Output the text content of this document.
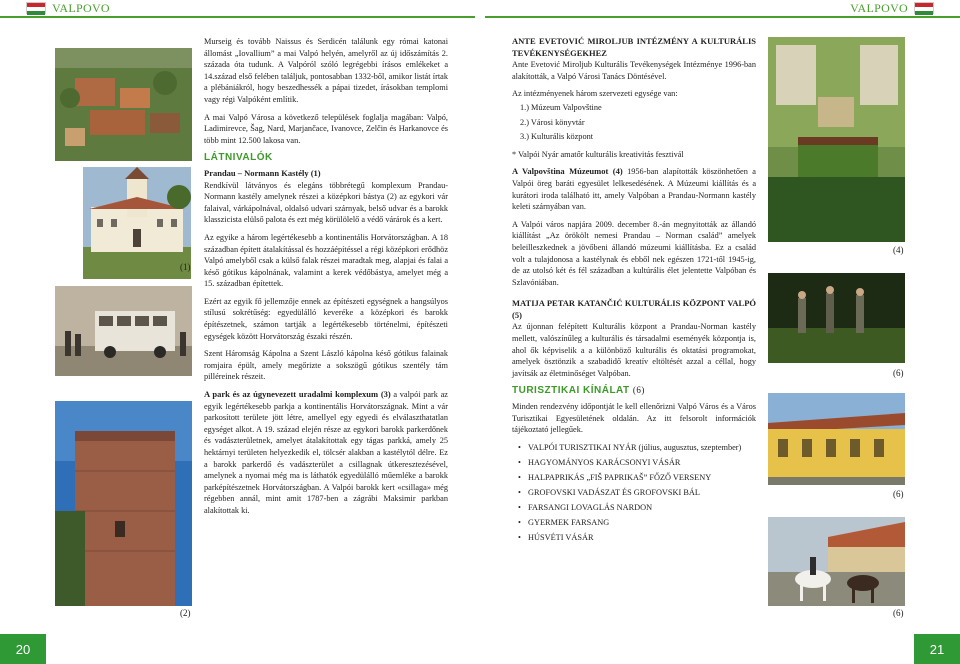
VALPOVO	VALPOVO
(1)
(2)

Murseig és tovább Naissus és Serdicén találunk egy római katonai állomást „Iovallium” a mai Valpó helyén, amelyről az új időszámítás 2. százada óta tudunk. A Valpóról szóló legrégebbi írásos emlékeket a 14.század első felében találjuk, pontosabban 1332-ből, amikor listát írtak a plébániákról, hogy beszedhessék a pápai tizedet, írásokban templomi vagy régi Valpóként említik.

A mai Valpó Városa a következő települések foglalja magában: Valpó, Ladimirevce, Šag, Nard, Marjančace, Ivanovce, Zelčin és Harkanovce és több mint 12.500 lakosa van.

LÁTNIVALÓK

Prandau – Normann Kastély (1)
Rendkívül látványos és elegáns többrétegű komplexum Prandau-Normann kastély amelynek részei a középkori bástya (2) az egykori vár falaival, várkápolnával, oldalsó udvari szárnyak, belső udvar és a barokk klasszicista elülső palota és ezt még körülölelő a védő várárok és a kert.

Az egyike a három legértékesebb a kontinentális Horvátországban. A 18 században épített átalakítással és hozzáépítéssel a régi középkori erődhöz Valpó amelyből csak a külső falak részei maradtak meg, alapjai és falai a késő gótikus kápolnának, valamint a kerek védőbástya, amelyet még a 15. században építettek.

Ezért az egyik fő jellemzője ennek az építészeti egységnek a hangsúlyos stílusú sokrétűség: egyedülálló keveréke a középkori és barokk építészetnek, számon tartják a legértékesebb történelmi, építészeti egységek között Horvátország északi részén.

Szent Háromság Kápolna a Szent László kápolna késő gótikus falainak romjaira épült, amely megőrizte a sokszögű gótikus szentély tám pilléreinek részeit.

A park és az úgynevezett uradalmi komplexum (3) a valpói park az egyik legértékesebb parkja a kontinentális Horvátországnak. Mint a vár parkosított területe jött létre, amellyel egy egyedi és elválaszthatatlan egységet alkot. A 19. század elején része az egykori barokk parkerdőnek és vadászterületnek, amelyet átalakítottak egy tágas parkká, amely 25 hektárnyi területen helyezkedik el, tölcsér alakban a kastélytól délre. Ez a barokk parkerdő és vadászterület a csillagnak útkeresztezésével, amelynek a nyomai még ma is láthatók egyedülálló műemléke a barokk parképítészetnek Horvátországban. A Valpói barokk kert «csillaga» még régebben annál, mint amit 1787-ben a zágrábi Maksimir parkban alakítottak ki.

20
ANTE EVETOVIĆ MIROLJUB INTÉZMÉNY A KULTURÁLIS TEVÉKENYSÉGEKHEZ

Ante Evetović Miroljub Kulturális Tevékenységek Intézménye 1996-ban alakították, a Valpó Városi Tanács Döntésével.

Az intézményenek három szervezeti egysége van:

1.) Múzeum Valpovštine
2.) Városi könyvtár
3.) Kulturális központ

* Valpói Nyár amatőr kulturális kreativitás fesztivál

A Valpovština Múzeumot (4) 1956-ban alapították köszönhetően a Valpói öreg baráti egyesület lelkesedésének. A Múzeumi kiállítás és a kurátori iroda található itt, amely Valpóban a Prandau-Normann kastély keleti szárnyában van.

A Valpói város napjára 2009. december 8.-án megnyitották az állandó kiállítást „Az örökölt nemesi Prandau – Norman család” amelyek beleilleszkednek a jövőbeni állandó múzeumi kiállításba. Ez a család volt a tulajdonosa a kastélynak és ebből nek egészen 1721-től 1945-ig, de az utolsó két és fél században a kultúrális élet jelentette Valpóban és Szlavóniában.

MATIJA PETAR KATANČIĆ KULTURÁLIS KÖZPONT VALPÓ (5)

Az újonnan felépített Kulturális központ a Prandau-Norman kastély mellett, valószínűleg a kulturális és társadalmi eseményék központja is, ahol ők képviselik a a különböző kulturális és oktatási programokat, amelyek ösztönzik a szabadidő kreatív eltöltését azzal a céllal, hogy javítsák az életminőséget Valpóban.

TURISZTIKAI KÍNÁLAT (6)

Minden rendezvény időpontját le kell ellenőrizni Valpó Város és a Város Turisztikai Egyesületének oldalán. Az itt felsorolt információk tájékoztató jellegűek.

• VALPÓI TURISZTIKAI NYÁR (július, augusztus, szeptember)
• HAGYOMÁNYOS KARÁCSONYI VÁSÁR
• HALPAPRIKÁS „FIŠ PAPRIKAŠ” FŐZŐ VERSENY
• GROFOVSKI VADÁSZAT ÉS GROFOVSKI BÁL
• FARSANGI LOVAGLÁS NARDON
• GYERMEK FARSANG
• HÚSVÉTI VÁSÁR
(4)
(6)
(6)
(6)
21
